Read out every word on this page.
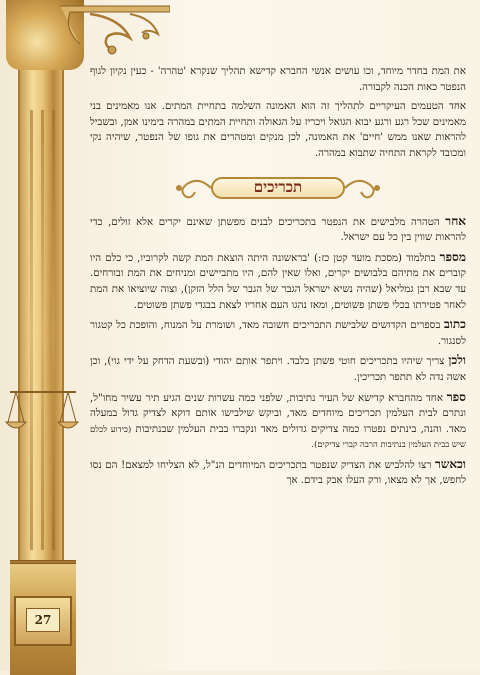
27

את המת בחדר מיוחד, וכו עושים אנשי החברא קדישא תהליך שנקרא 'טהרה' - כעין נקיון לגוף הנפטר כאות הכנה לקבורה.

אחד הטעמים העיקריים לתהליך זה הוא האמונה השלמה בתחיית המתים. אנו מאמינים בני מאמינים שכל רגע ורגע יבוא הגואל ויכריז על הגאולה ותחיית המתים במהרה בימינו אמן, ובשביל להראות שאנו ממש 'חיים' את האמונה, לכן מנקים ומטהרים את גופו של הנפטר, שיהיה נקי ומכובד לקראת התחיה שתבוא במהרה.

תכריכים

אחר הטהרה מלבישים את הנפטר בתכריכים לבנים מפשתן שאינם יקרים אלא זולים, כדי להראות שווין בין כל עם ישראל.

מספר בתלמוד (מסכת מועד קטן כז:) 'בראשונה היתה הוצאת המת קשה לקרוביו, כי כלם היו קוברים את מתיהם בלבושים יקרים, ואלו שאין להם, היו מתביישים ומניחים את המת ובורחים. עד שבא רבן גמליאל (שהיה נשיא ישראל הגבר של הגבר של הלל הזקן), וצוה שיוציאו את המת לאחר פטירתו בכלי פשתן פשוטים, ומאז נהגו העם אחריו לצאת בבגדי פשתן פשוטים.

כתוב בספרים הקדושים שלבישת התכריכים חשובה מאד, ושומרת על המנוח, והופכת כל קטגור לסנגור.

ולכן צריך שיהיו בתכריכים חוטי פשתן בלבד. ויתפר אותם יהודי (ובשעת הדחק על ידי גוי), וכן אשה נדה לא תתפר תכריכין.

ספר אחד מהחברא קדישא של העיר נתיבות, שלפני כמה עשרות שנים הגיע תיר עשיר מחו"ל, ונתרם לבית העלמין תכריכים מיוחדים מאד, וביקש שילבישו אותם דוקא לצדיק גדול במעלה מאד. והנה, בינתים נפטרו כמה צדיקים גדולים מאד ונקברו בבית העלמין שבנתיבות (כידוע לכלם שיש בבית העלמין בנתיבות הרבה קברי צדיקים).

וכאשר רצו להלביש את הצדיק שנפטר בתכריכים המיוחדים הנ"ל, לא הצליחו למצאם! הם נסו לחפש, אך לא מצאו, ורק העלו אבק בידם. אך
